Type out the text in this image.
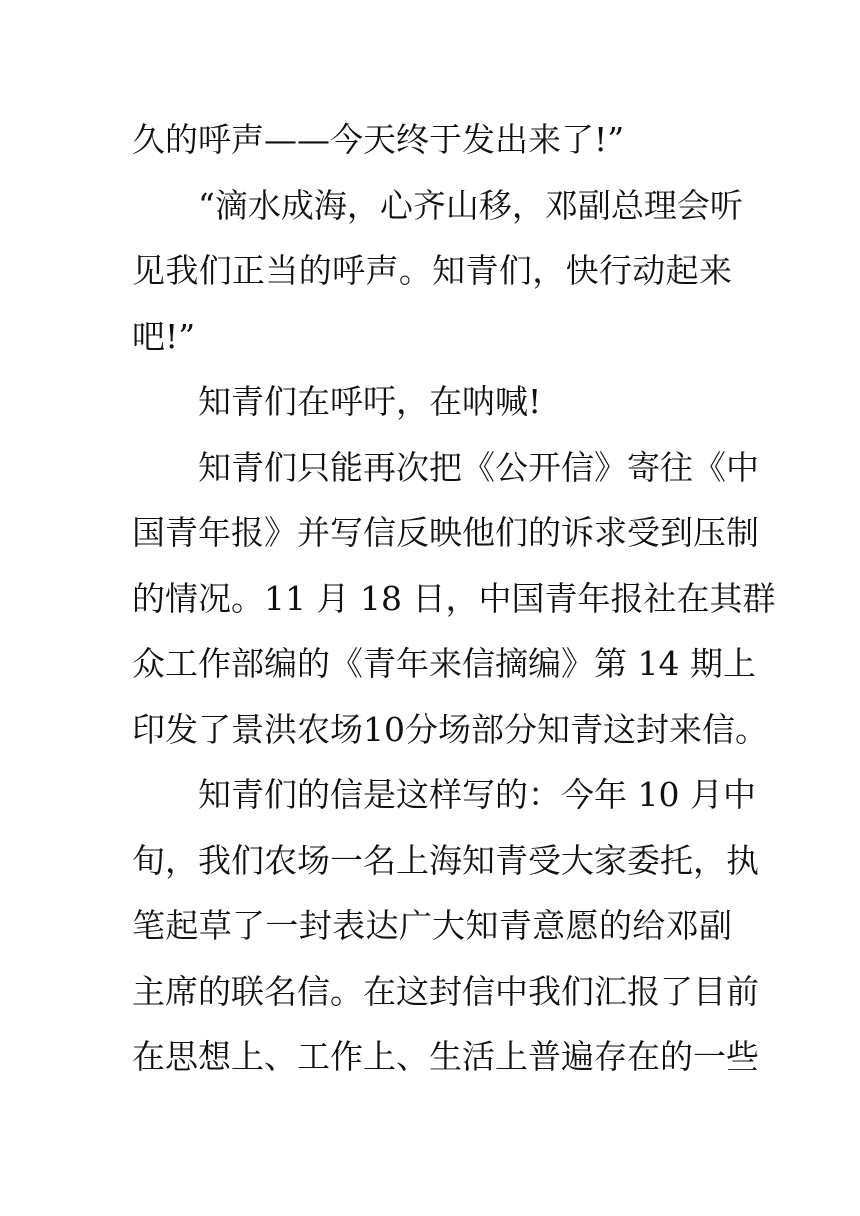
久的呼声——今天终于发出来了!”
“滴水成海，心齐山移，邓副总理会听
见我们正当的呼声。知青们，快行动起来
吧!”
知青们在呼吁，在呐喊!
知青们只能再次把《公开信》寄往《中
国青年报》并写信反映他们的诉求受到压制
的情况。11 月 18 日，中国青年报社在其群
众工作部编的《青年来信摘编》第 14 期上
印发了景洪农场10分场部分知青这封来信。
知青们的信是这样写的：今年 10 月中
旬，我们农场一名上海知青受大家委托，执
笔起草了一封表达广大知青意愿的给邓副
主席的联名信。在这封信中我们汇报了目前
在思想上、工作上、生活上普遍存在的一些
